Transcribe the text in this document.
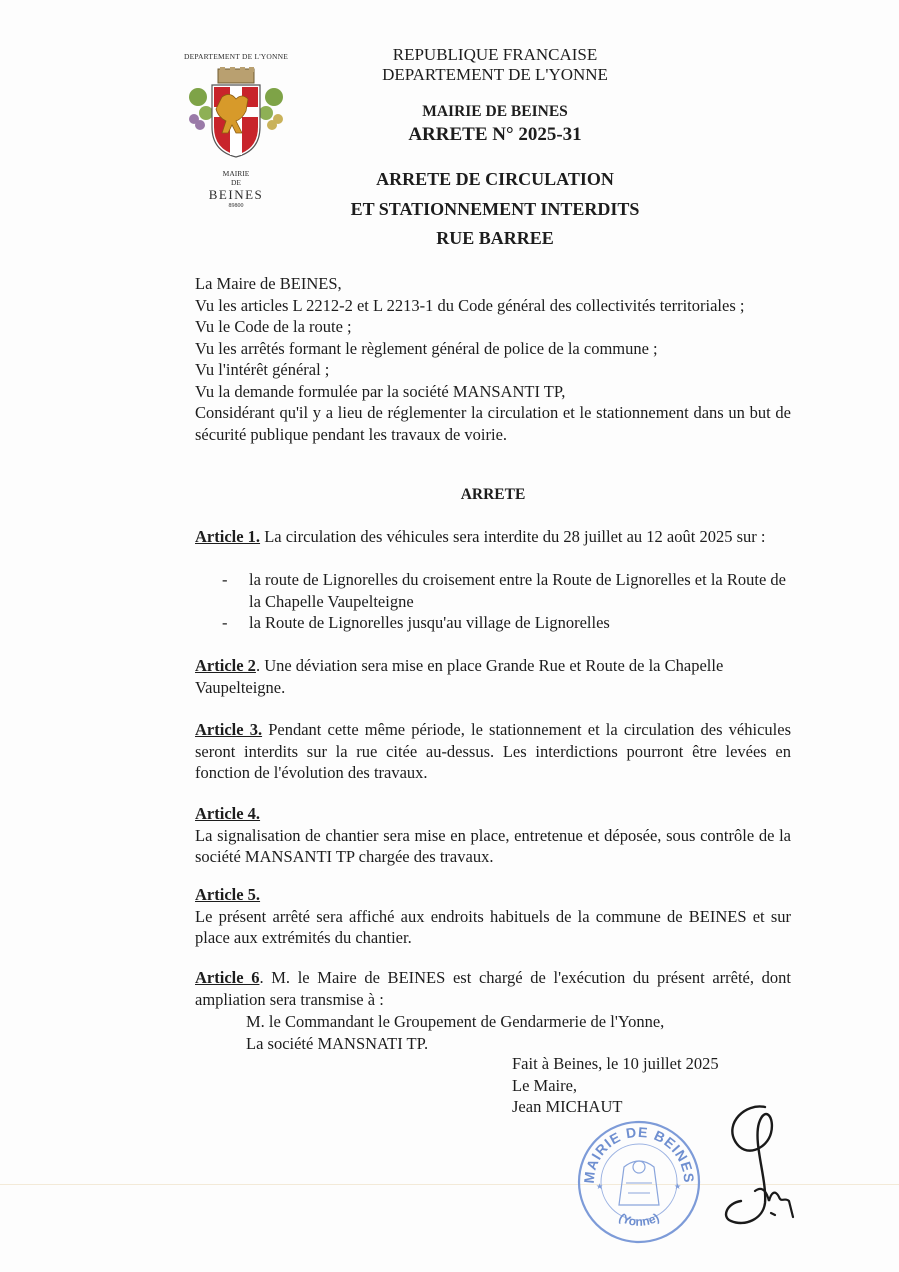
DEPARTEMENT DE L'YONNE
MAIRIE
DE
BEINES
89800
REPUBLIQUE FRANCAISE
DEPARTEMENT DE L'YONNE
MAIRIE DE BEINES
ARRETE N° 2025-31
ARRETE DE CIRCULATION
ET STATIONNEMENT INTERDITS
RUE BARREE
La Maire de BEINES,
Vu les articles L 2212-2 et L 2213-1 du Code général des collectivités territoriales ;
Vu le Code de la route ;
Vu les arrêtés formant le règlement général de police de la commune ;
Vu l'intérêt général ;
Vu la demande formulée par la société MANSANTI TP,
Considérant qu'il y a lieu de réglementer la circulation et le stationnement dans un but de sécurité publique pendant les travaux de voirie.
ARRETE
Article 1. La circulation des véhicules sera interdite du 28 juillet au 12 août 2025 sur :
-	la route de Lignorelles du croisement entre la Route de Lignorelles et la Route de la Chapelle Vaupelteigne
-	la Route de Lignorelles jusqu'au village de Lignorelles
Article 2. Une déviation sera mise en place Grande Rue et Route de la Chapelle Vaupelteigne.
Article 3. Pendant cette même période, le stationnement et la circulation des véhicules seront interdits sur la rue citée au-dessus. Les interdictions pourront être levées en fonction de l'évolution des travaux.
Article 4.
La signalisation de chantier sera mise en place, entretenue et déposée, sous contrôle de la société MANSANTI TP chargée des travaux.
Article 5.
Le présent arrêté sera affiché aux endroits habituels de la commune de BEINES et sur place aux extrémités du chantier.
Article 6. M. le Maire de BEINES est chargé de l'exécution du présent arrêté, dont ampliation sera transmise à :
M. le Commandant le Groupement de Gendarmerie de l'Yonne,
La société MANSNATI TP.
Fait à Beines, le 10 juillet 2025
Le Maire,
Jean MICHAUT
MAIRIE DE BEINES
(Yonne)
★	★
